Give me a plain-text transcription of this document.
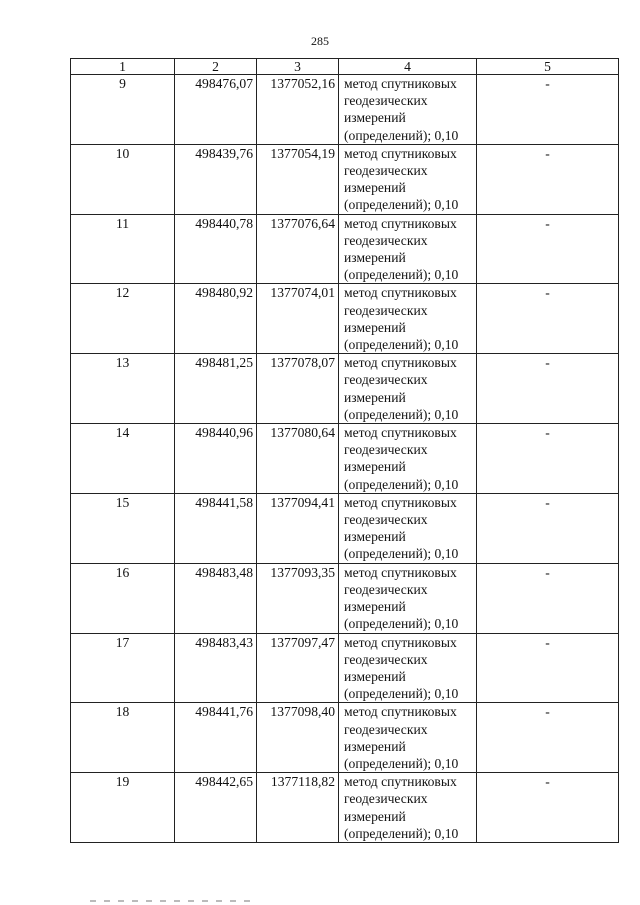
285
1	2	3	4	5
9	498476,07	1377052,16	метод спутниковых геодезических измерений (определений); 0,10	-
10	498439,76	1377054,19	метод спутниковых геодезических измерений (определений); 0,10	-
11	498440,78	1377076,64	метод спутниковых геодезических измерений (определений); 0,10	-
12	498480,92	1377074,01	метод спутниковых геодезических измерений (определений); 0,10	-
13	498481,25	1377078,07	метод спутниковых геодезических измерений (определений); 0,10	-
14	498440,96	1377080,64	метод спутниковых геодезических измерений (определений); 0,10	-
15	498441,58	1377094,41	метод спутниковых геодезических измерений (определений); 0,10	-
16	498483,48	1377093,35	метод спутниковых геодезических измерений (определений); 0,10	-
17	498483,43	1377097,47	метод спутниковых геодезических измерений (определений); 0,10	-
18	498441,76	1377098,40	метод спутниковых геодезических измерений (определений); 0,10	-
19	498442,65	1377118,82	метод спутниковых геодезических измерений (определений); 0,10	-
